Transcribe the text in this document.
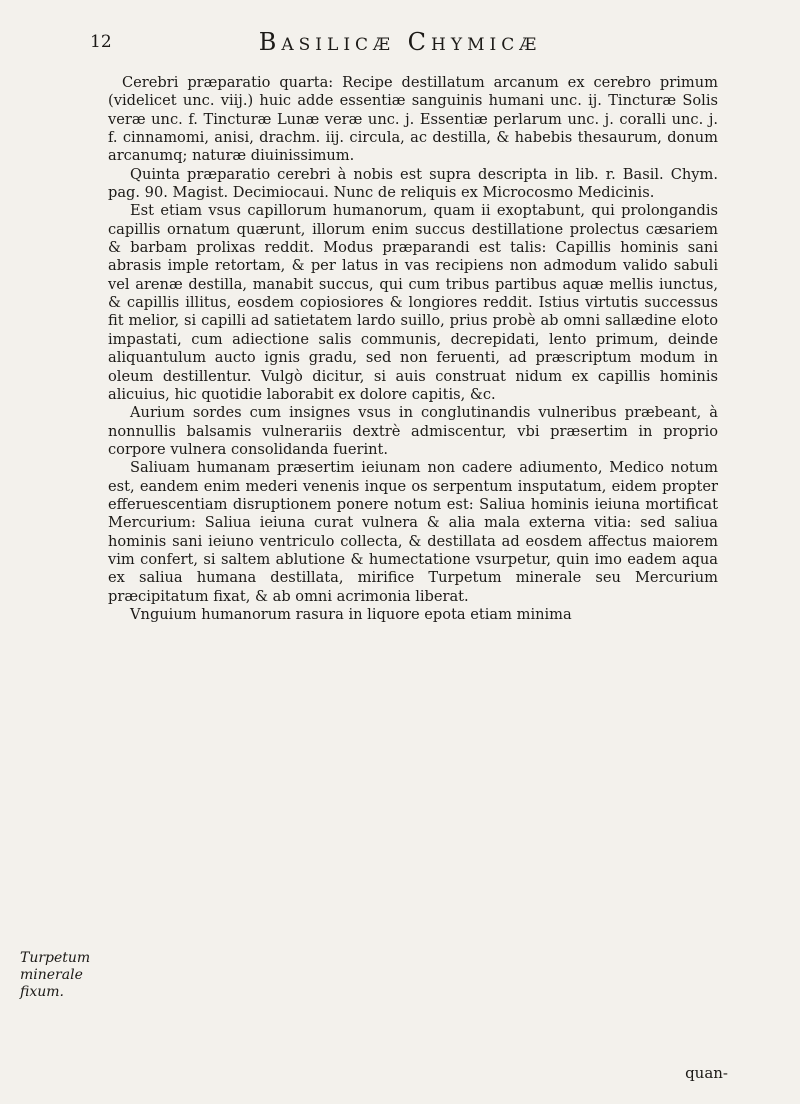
12	Basilicæ Chymicæ

Cerebri præparatio quarta: Recipe destillatum arcanum ex cerebro primum (videlicet unc. viij.) huic adde essentiæ sanguinis humani unc. ij. Tincturæ Solis veræ unc. f. Tincturæ Lunæ veræ unc. j. Essentiæ perlarum unc. j. coralli unc. j. f. cinnamomi, anisi, drachm. iij. circula, ac destilla, & habebis thesaurum, donum arcanumq; naturæ diuinissimum.

Quinta præparatio cerebri à nobis est supra descripta in lib. r. Basil. Chym. pag. 90. Magist. Decimiocaui. Nunc de reliquis ex Microcosmo Medicinis.

Est etiam vsus capillorum humanorum, quam ii exoptabunt, qui prolongandis capillis ornatum quærunt, illorum enim succus destillatione prolectus cæsariem & barbam prolixas reddit. Modus præparandi est talis: Capillis hominis sani abrasis imple retortam, & per latus in vas recipiens non admodum valido sabuli vel arenæ destilla, manabit succus, qui cum tribus partibus aquæ mellis iunctus, & capillis illitus, eosdem copiosiores & longiores reddit. Istius virtutis successus fit melior, si capilli ad satietatem lardo suillo, prius probè ab omni sallædine eloto impastati, cum adiectione salis communis, decrepidati, lento primum, deinde aliquantulum aucto ignis gradu, sed non feruenti, ad præscriptum modum in oleum destillentur. Vulgò dicitur, si auis construat nidum ex capillis hominis alicuius, hic quotidie laborabit ex dolore capitis, &c.

Aurium sordes cum insignes vsus in conglutinandis vulneribus præbeant, à nonnullis balsamis vulnerariis dextrè admiscentur, vbi præsertim in proprio corpore vulnera consolidanda fuerint.

Saliuam humanam præsertim ieiunam non cadere adiumento, Medico notum est, eandem enim mederi venenis inque os serpentum insputatum, eidem propter efferuescentiam disruptionem ponere notum est: Saliua hominis ieiuna mortificat Mercurium: Saliua ieiuna curat vulnera & alia mala externa vitia: sed saliua hominis sani ieiuno ventriculo collecta, & destillata ad eosdem affectus maiorem vim confert, si saltem ablutione & humectatione vsurpetur, quin imo eadem aqua ex saliua humana destillata, mirifice Turpetum minerale seu Mercurium præcipitatum fixat, & ab omni acrimonia liberat.

Vnguium humanorum rasura in liquore epota etiam minima

Turpetum minerale fixum.
quan-
